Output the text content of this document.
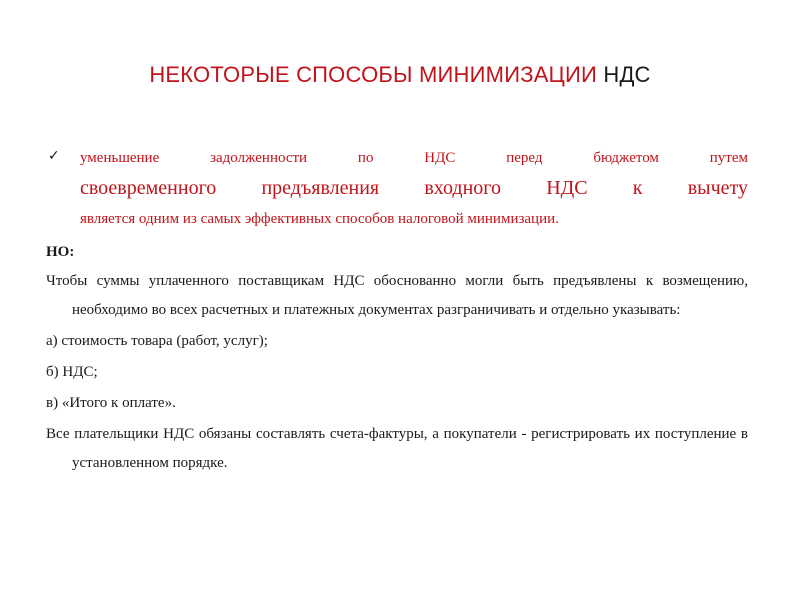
НЕКОТОРЫЕ СПОСОБЫ МИНИМИЗАЦИИ НДС
✓ уменьшение задолженности по НДС перед бюджетом путем
своевременного предъявления входного НДС к вычету
является одним из самых эффективных способов налоговой минимизации.
НО:
Чтобы суммы уплаченного поставщикам НДС обоснованно могли быть предъявлены к возмещению, необходимо во всех расчетных и платежных документах разграничивать и отдельно указывать:
а) стоимость товара (работ, услуг);
б) НДС;
в) «Итого к оплате».
Все плательщики НДС обязаны составлять счета-фактуры, а покупатели - регистрировать их поступление в установленном порядке.
